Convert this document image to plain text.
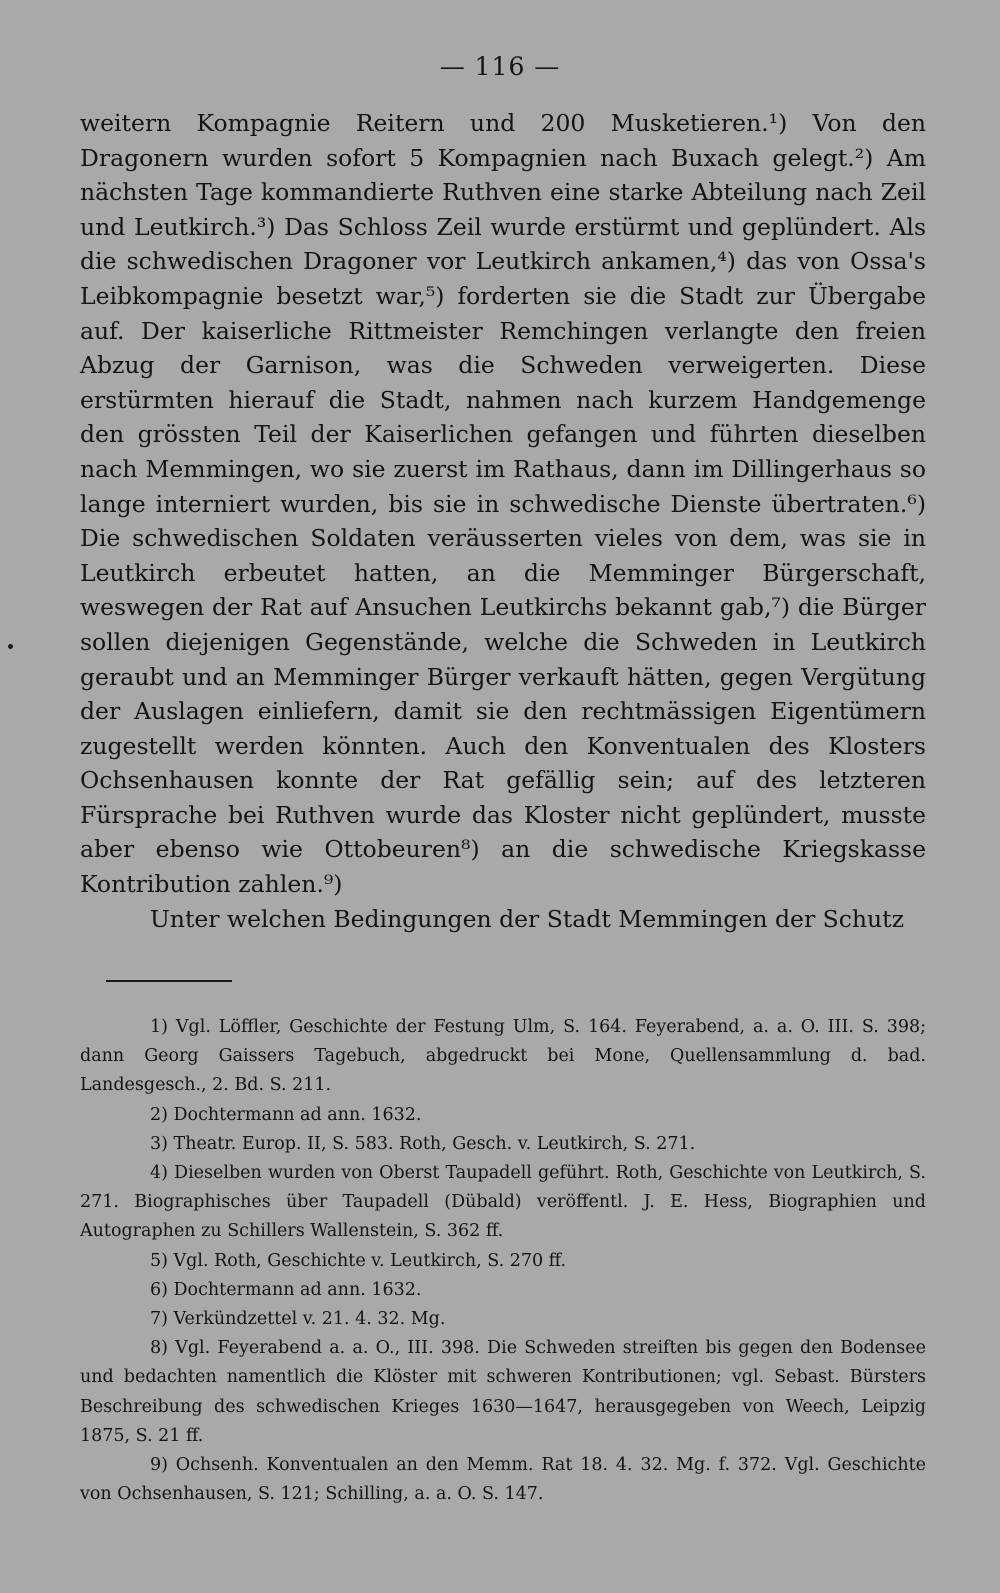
— 116 —

weitern Kompagnie Reitern und 200 Musketieren.¹) Von den Dragonern wurden sofort 5 Kompagnien nach Buxach gelegt.²) Am nächsten Tage kommandierte Ruthven eine starke Abteilung nach Zeil und Leutkirch.³) Das Schloss Zeil wurde erstürmt und geplündert. Als die schwedischen Dragoner vor Leutkirch ankamen,⁴) das von Ossa's Leibkompagnie besetzt war,⁵) forderten sie die Stadt zur Übergabe auf. Der kaiserliche Rittmeister Remchingen verlangte den freien Abzug der Garnison, was die Schweden verweigerten. Diese erstürmten hierauf die Stadt, nahmen nach kurzem Handgemenge den grössten Teil der Kaiserlichen gefangen und führten dieselben nach Memmingen, wo sie zuerst im Rathaus, dann im Dillingerhaus so lange interniert wurden, bis sie in schwedische Dienste übertraten.⁶) Die schwedischen Soldaten veräusserten vieles von dem, was sie in Leutkirch erbeutet hatten, an die Memminger Bürgerschaft, weswegen der Rat auf Ansuchen Leutkirchs bekannt gab,⁷) die Bürger sollen diejenigen Gegenstände, welche die Schweden in Leutkirch geraubt und an Memminger Bürger verkauft hätten, gegen Vergütung der Auslagen einliefern, damit sie den rechtmässigen Eigentümern zugestellt werden könnten. Auch den Konventualen des Klosters Ochsenhausen konnte der Rat gefällig sein; auf des letzteren Fürsprache bei Ruthven wurde das Kloster nicht geplündert, musste aber ebenso wie Ottobeuren⁸) an die schwedische Kriegskasse Kontribution zahlen.⁹)

Unter welchen Bedingungen der Stadt Memmingen der Schutz

1) Vgl. Löffler, Geschichte der Festung Ulm, S. 164. Feyerabend, a. a. O. III. S. 398; dann Georg Gaissers Tagebuch, abgedruckt bei Mone, Quellensammlung d. bad. Landesgesch., 2. Bd. S. 211.

2) Dochtermann ad ann. 1632.

3) Theatr. Europ. II, S. 583. Roth, Gesch. v. Leutkirch, S. 271.

4) Dieselben wurden von Oberst Taupadell geführt. Roth, Geschichte von Leutkirch, S. 271. Biographisches über Taupadell (Dübald) veröffentl. J. E. Hess, Biographien und Autographen zu Schillers Wallenstein, S. 362 ff.

5) Vgl. Roth, Geschichte v. Leutkirch, S. 270 ff.

6) Dochtermann ad ann. 1632.

7) Verkündzettel v. 21. 4. 32. Mg.

8) Vgl. Feyerabend a. a. O., III. 398. Die Schweden streiften bis gegen den Bodensee und bedachten namentlich die Klöster mit schweren Kontributionen; vgl. Sebast. Bürsters Beschreibung des schwedischen Krieges 1630—1647, herausgegeben von Weech, Leipzig 1875, S. 21 ff.

9) Ochsenh. Konventualen an den Memm. Rat 18. 4. 32. Mg. f. 372. Vgl. Geschichte von Ochsenhausen, S. 121; Schilling, a. a. O. S. 147.
